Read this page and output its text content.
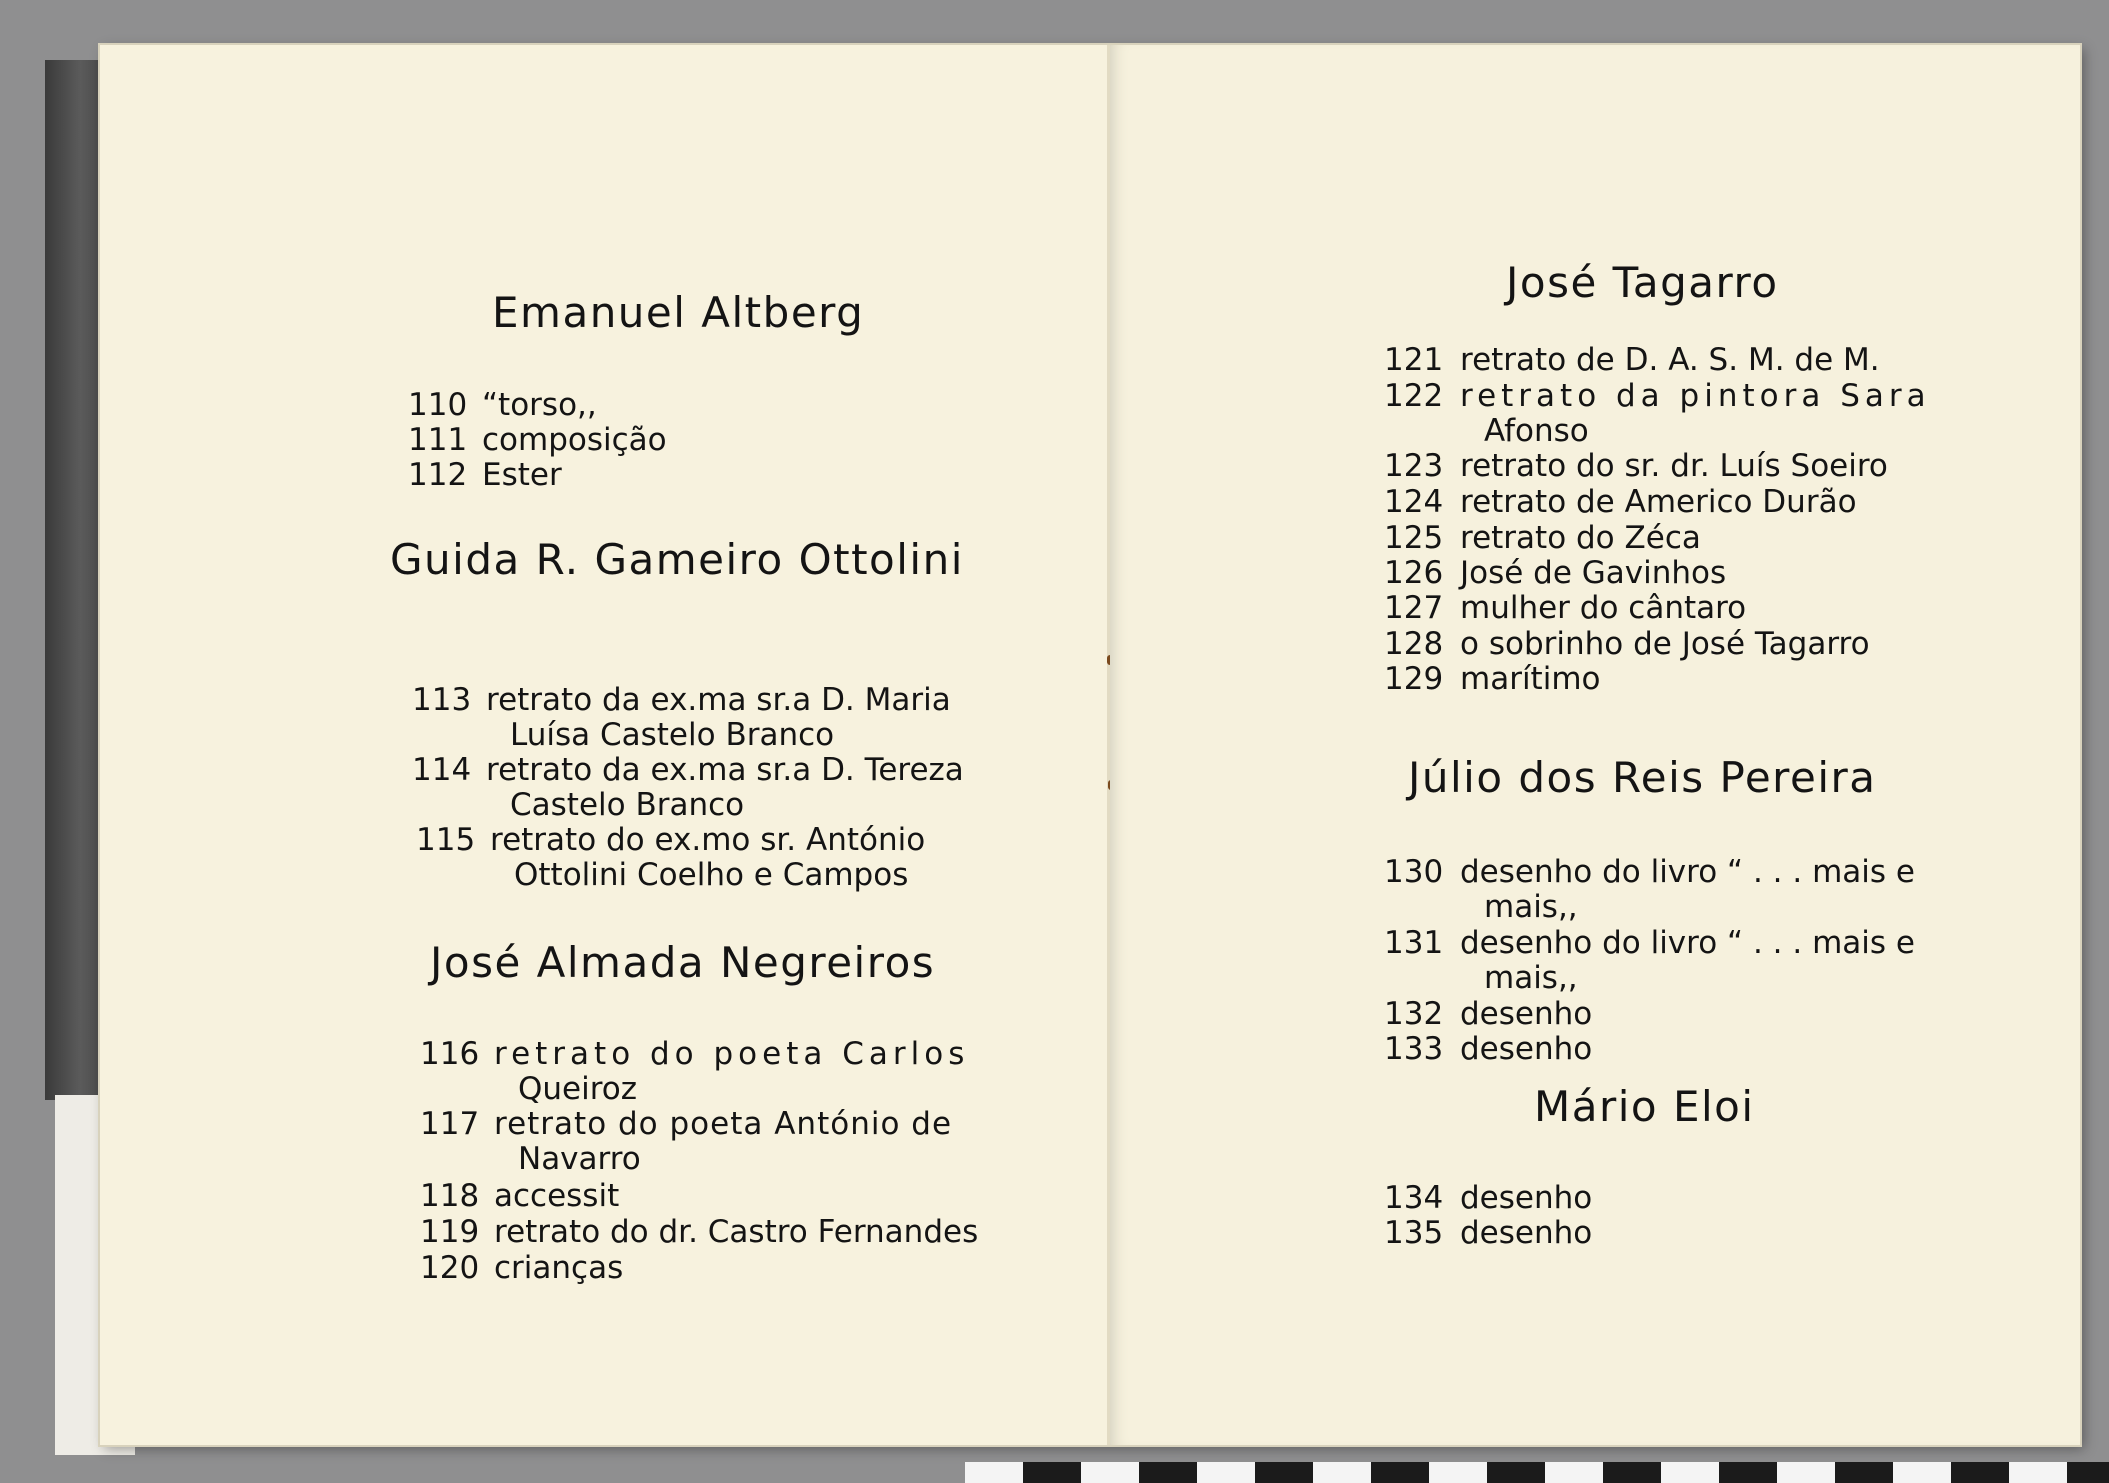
Emanuel Altberg
110 “torso,,
111 composição
112 Ester
Guida R. Gameiro Ottolini
113 retrato da ex.ma sr.a D. Maria
Luísa Castelo Branco
114 retrato da ex.ma sr.a D. Tereza
Castelo Branco
115 retrato do ex.mo sr. António
Ottolini Coelho e Campos
José Almada Negreiros
116 retrato do poeta Carlos
Queiroz
117 retrato do poeta António de
Navarro
118 accessit
119 retrato do dr. Castro Fernandes
120 crianças
José Tagarro
121 retrato de D. A. S. M. de M.
122 retrato da pintora Sara
Afonso
123 retrato do sr. dr. Luís Soeiro
124 retrato de Americo Durão
125 retrato do Zéca
126 José de Gavinhos
127 mulher do cântaro
128 o sobrinho de José Tagarro
129 marítimo
Júlio dos Reis Pereira
130 desenho do livro “ . . . mais e
mais,,
131 desenho do livro “ . . . mais e
mais,,
132 desenho
133 desenho
Mário Eloi
134 desenho
135 desenho
